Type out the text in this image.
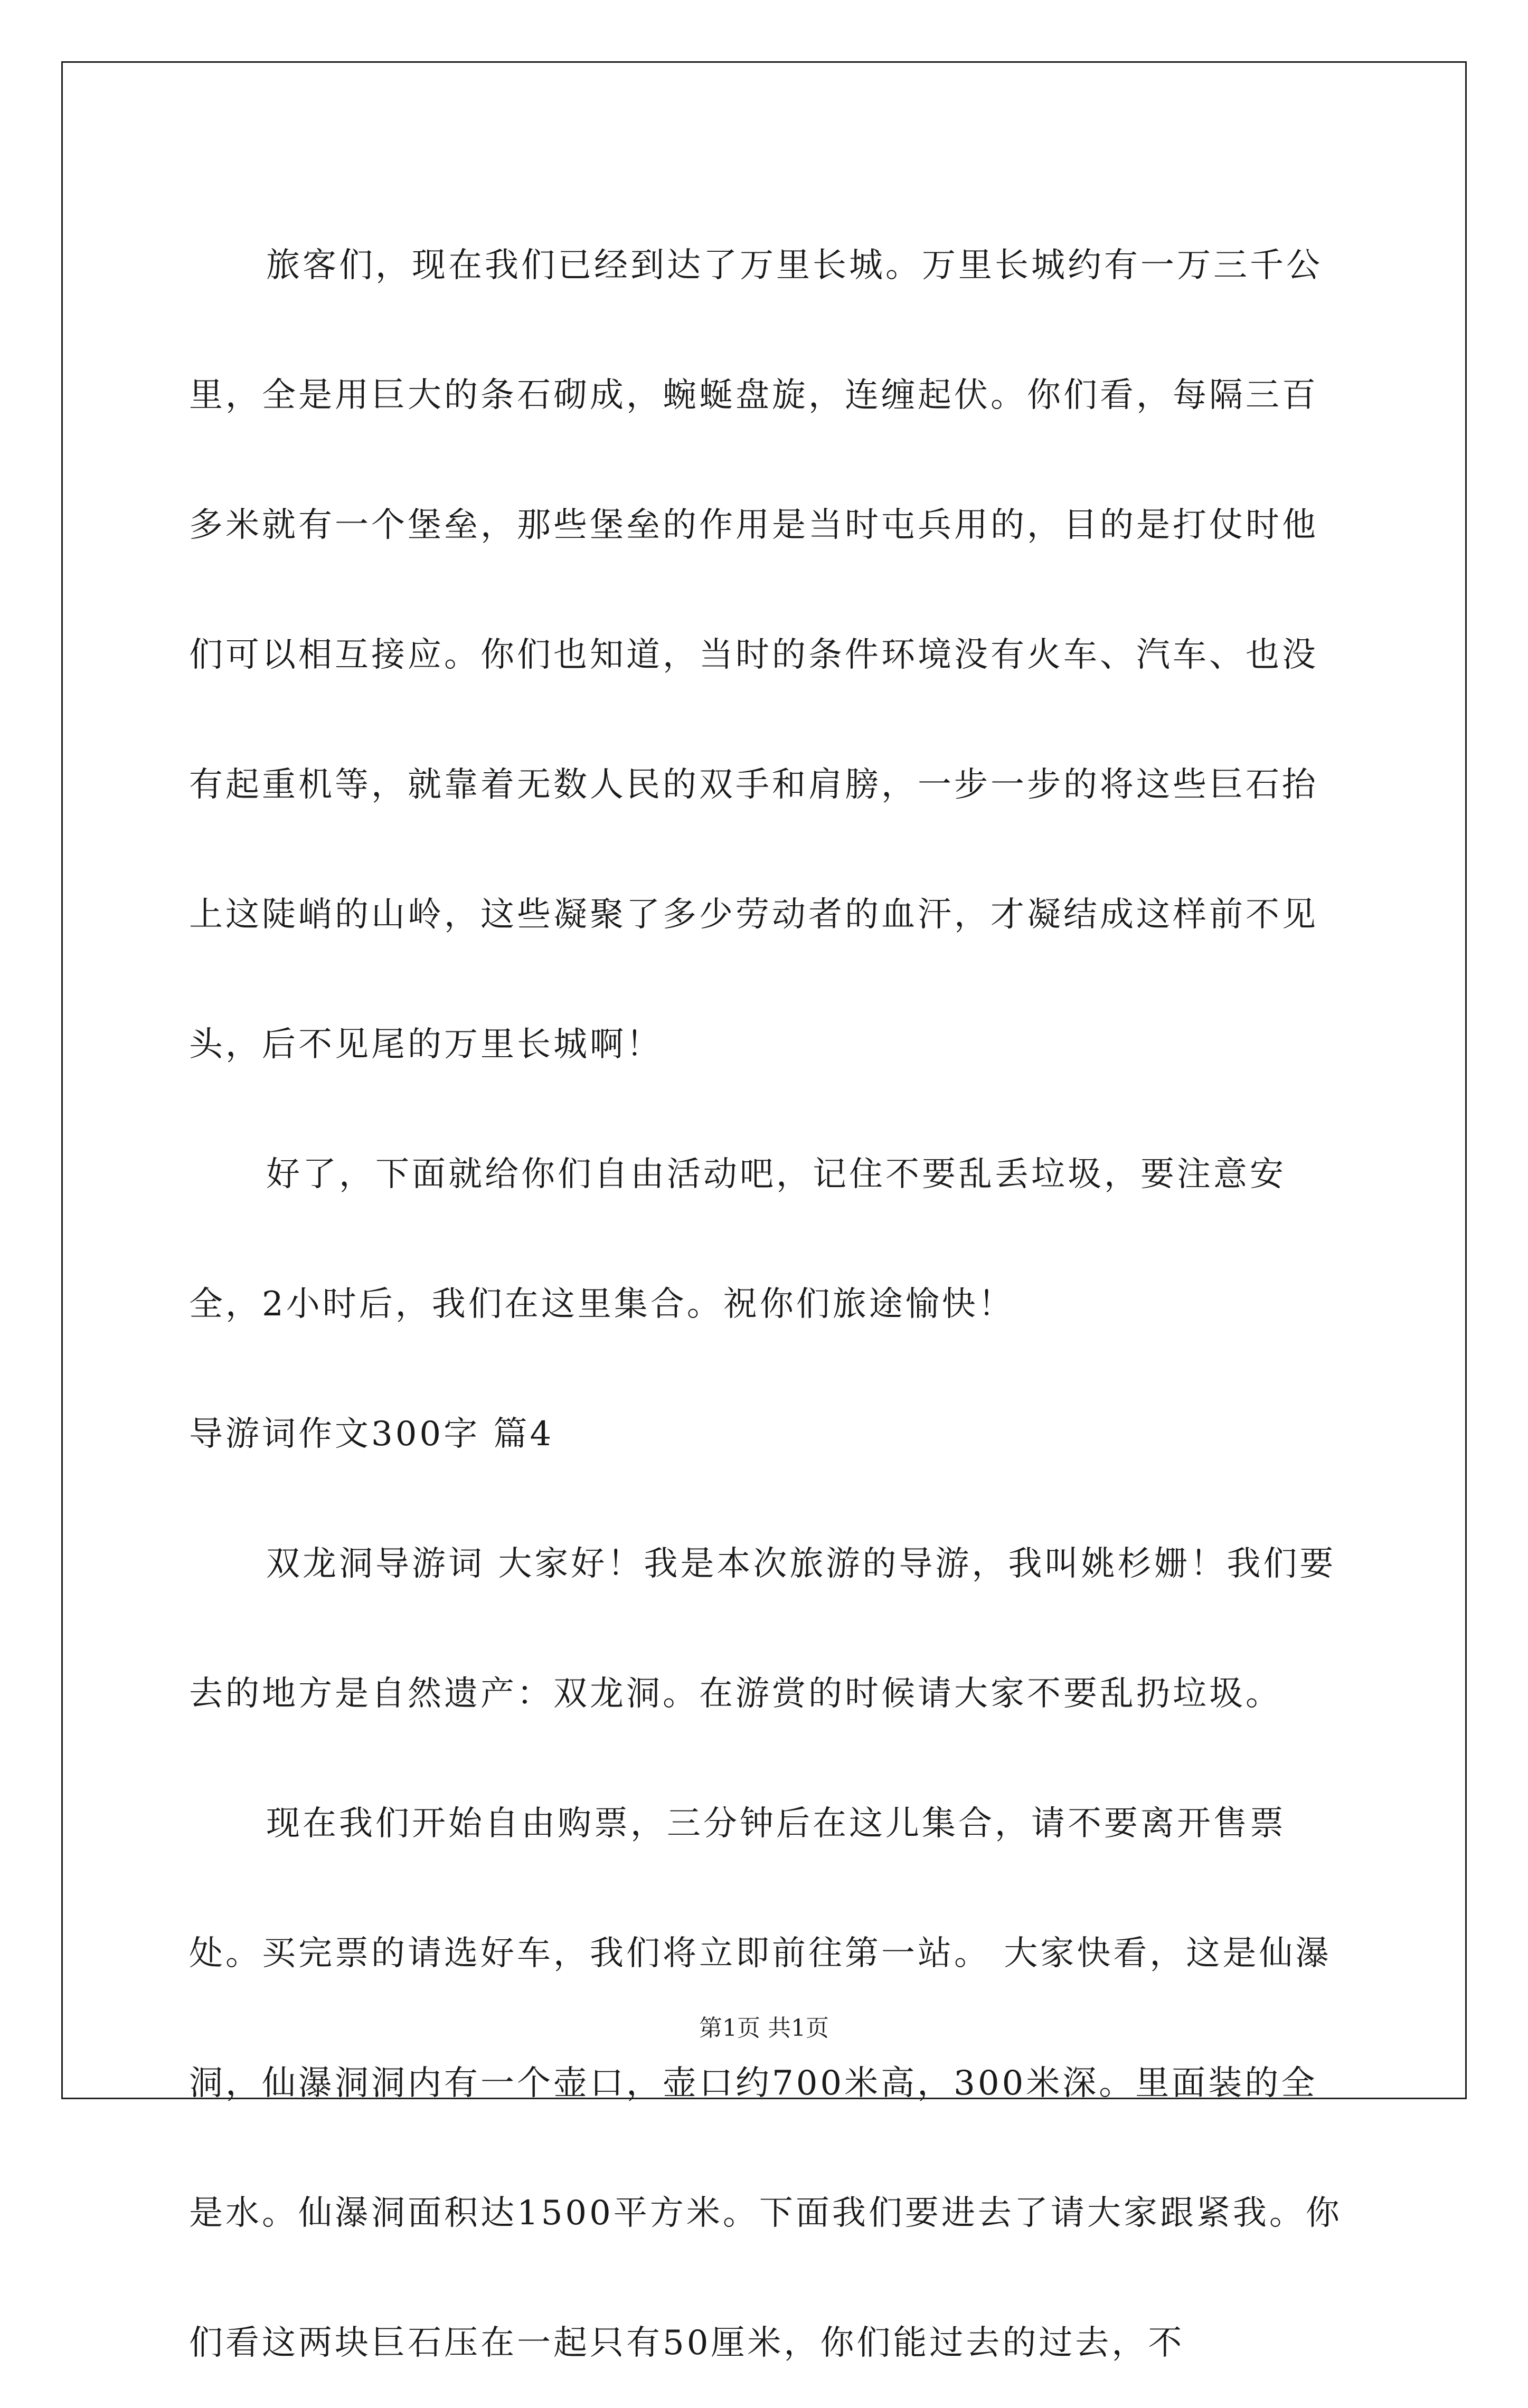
旅客们，现在我们已经到达了万里长城。万里长城约有一万三千公里，全是用巨大的条石砌成，蜿蜒盘旋，连缠起伏。你们看，每隔三百多米就有一个堡垒，那些堡垒的作用是当时屯兵用的，目的是打仗时他们可以相互接应。你们也知道，当时的条件环境没有火车、汽车、也没有起重机等，就靠着无数人民的双手和肩膀，一步一步的将这些巨石抬上这陡峭的山岭，这些凝聚了多少劳动者的血汗，才凝结成这样前不见头，后不见尾的万里长城啊！

好了，下面就给你们自由活动吧，记住不要乱丢垃圾，要注意安全，2小时后，我们在这里集合。祝你们旅途愉快！

导游词作文300字 篇4

双龙洞导游词 大家好！我是本次旅游的导游，我叫姚杉姗！我们要去的地方是自然遗产：双龙洞。在游赏的时候请大家不要乱扔垃圾。

现在我们开始自由购票，三分钟后在这儿集合，请不要离开售票处。买完票的请选好车，我们将立即前往第一站。 大家快看，这是仙瀑洞，仙瀑洞洞内有一个壶口，壶口约700米高，300米深。里面装的全是水。仙瀑洞面积达1500平方米。下面我们要进去了请大家跟紧我。你们看这两块巨石压在一起只有50厘米，你们能过去的过去，不

第1页 共1页
